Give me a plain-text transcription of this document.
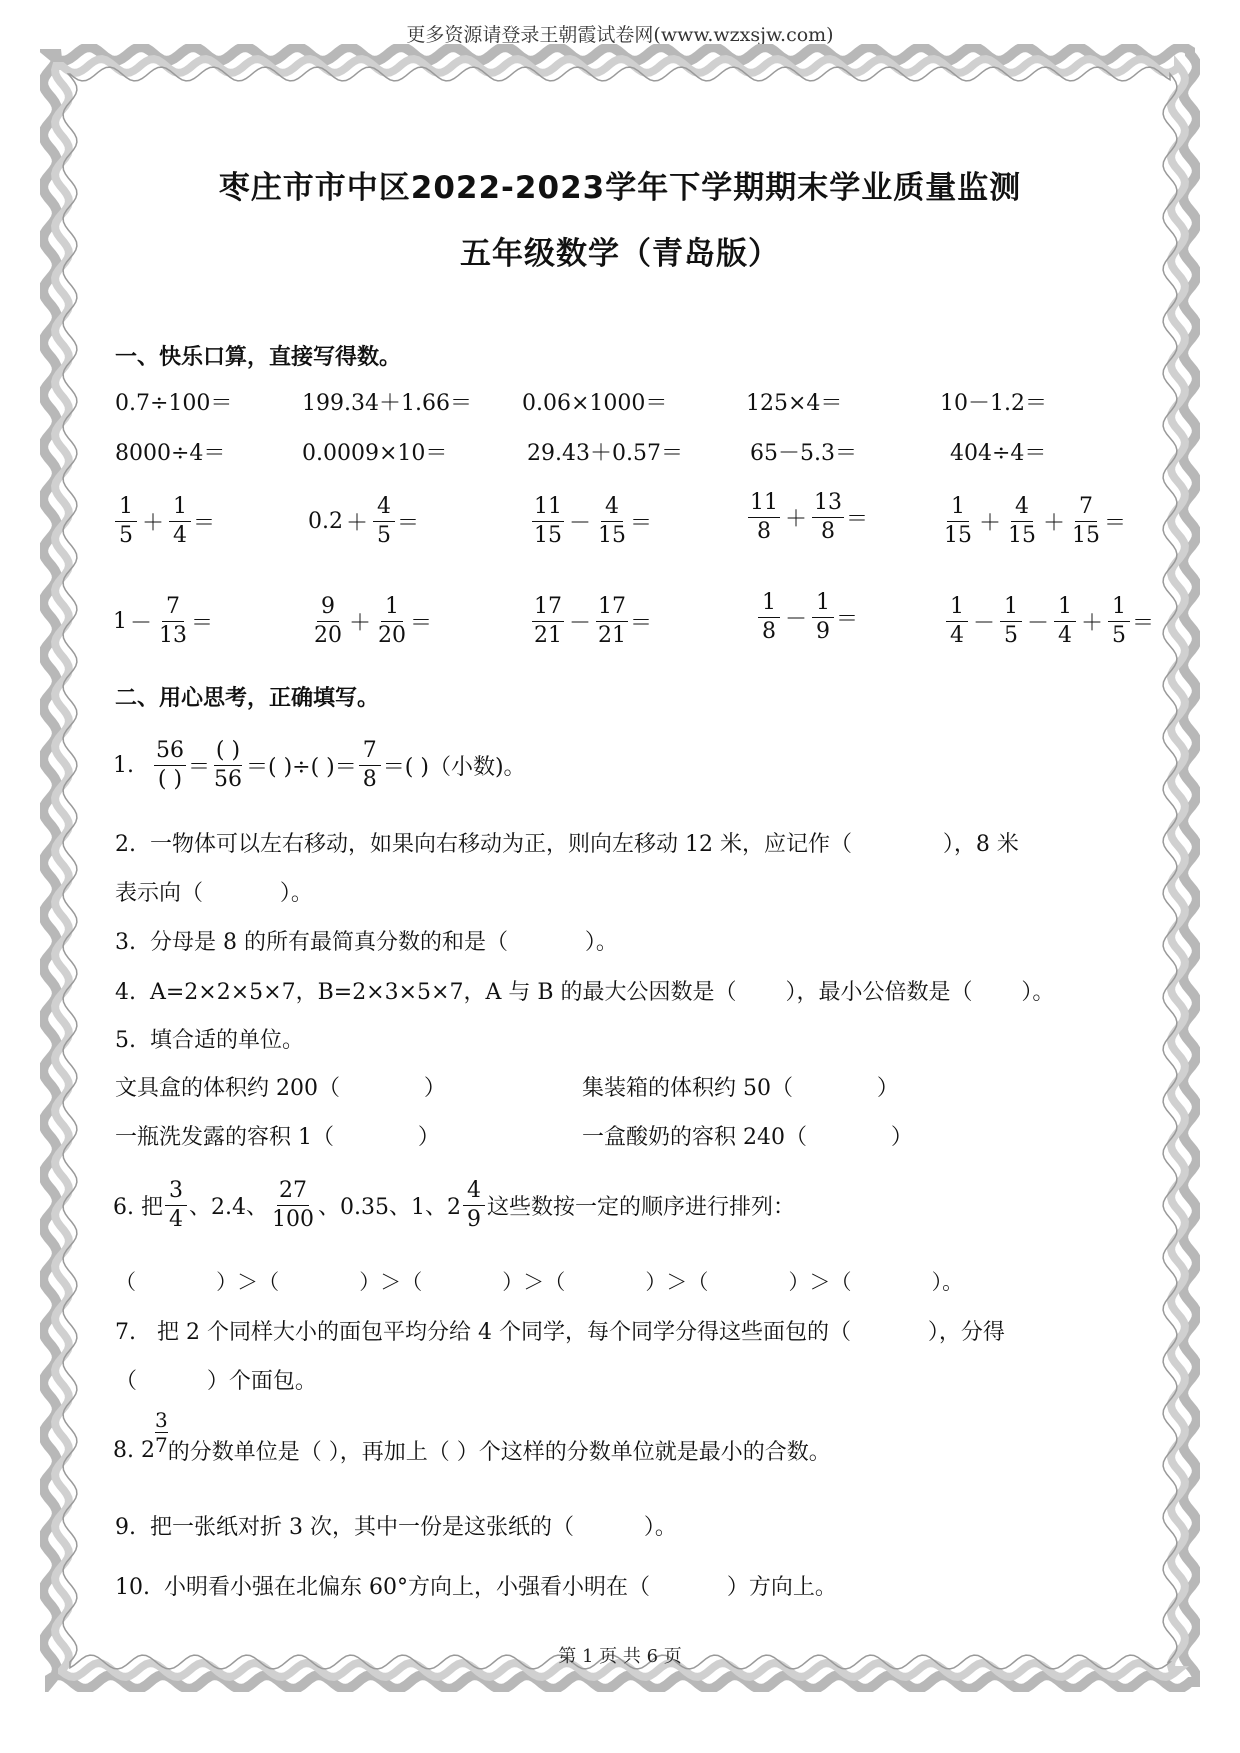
更多资源请登录王朝霞试卷网(www.wzxsjw.com)
枣庄市市中区2022-2023学年下学期期末学业质量监测
五年级数学（青岛版）
一、快乐口算，直接写得数。
0.7÷100＝	199.34＋1.66＝ 0.06×1000＝	125×4＝	10－1.2＝
8000÷4＝	0.0009×10＝	29.43＋0.57＝	65－5.3＝	404÷4＝
$\frac{1}{5} + \frac{1}{4}$ ＝	$0.2 + \frac{4}{5}$ ＝	$\frac{11}{15} - \frac{4}{15}$ ＝	$\frac{11}{8} + \frac{13}{8}$ ＝	$\frac{1}{15} + \frac{4}{15} + \frac{7}{15}$ ＝
$1 - \frac{7}{13}$ ＝	$\frac{9}{20} + \frac{1}{20}$ ＝	$\frac{17}{21} - \frac{17}{21}$ ＝	$\frac{1}{8} - \frac{1}{9}$ ＝	$\frac{1}{4} - \frac{1}{5} - \frac{1}{4} + \frac{1}{5}$ ＝
二、用心思考，正确填写。
1. $\frac{56}{( )} = \frac{( )}{56}$ ＝( )÷( )＝ $\frac{7}{8}$ ＝( )（小数)。
2.  一物体可以左右移动，如果向右移动为正，则向左移动 12 米，应记作（             ），8 米
表示向（           ）。
3.  分母是 8 的所有最简真分数的和是（           ）。
4.  A=2×2×5×7，B=2×3×5×7，A 与 B 的最大公因数是（       ），最小公倍数是（       ）。
5.  填合适的单位。
文具盒的体积约 200（            ）	集装箱的体积约 50（            ）
一瓶洗发露的容积 1（            ）	一盒酸奶的容积 240（            ）
6. 把 $\frac{3}{4}$ 、2.4、 $\frac{27}{100}$ 、0.35、1、$2 \frac{4}{9}$ 这些数按一定的顺序进行排列：
（            ）＞（            ）＞（            ）＞（            ）＞（            ）＞（            ）。
7.   把 2 个同样大小的面包平均分给 4 个同学，每个同学分得这些面包的（           ），分得
（          ）个面包。
8. $2 \frac{3}{7}$ 的分数单位是（ ），再加上（ ）个这样的分数单位就是最小的合数。
9.  把一张纸对折 3 次，其中一份是这张纸的（          ）。
10.  小明看小强在北偏东 60°方向上，小强看小明在（           ）方向上。
第 1 页 共 6 页
